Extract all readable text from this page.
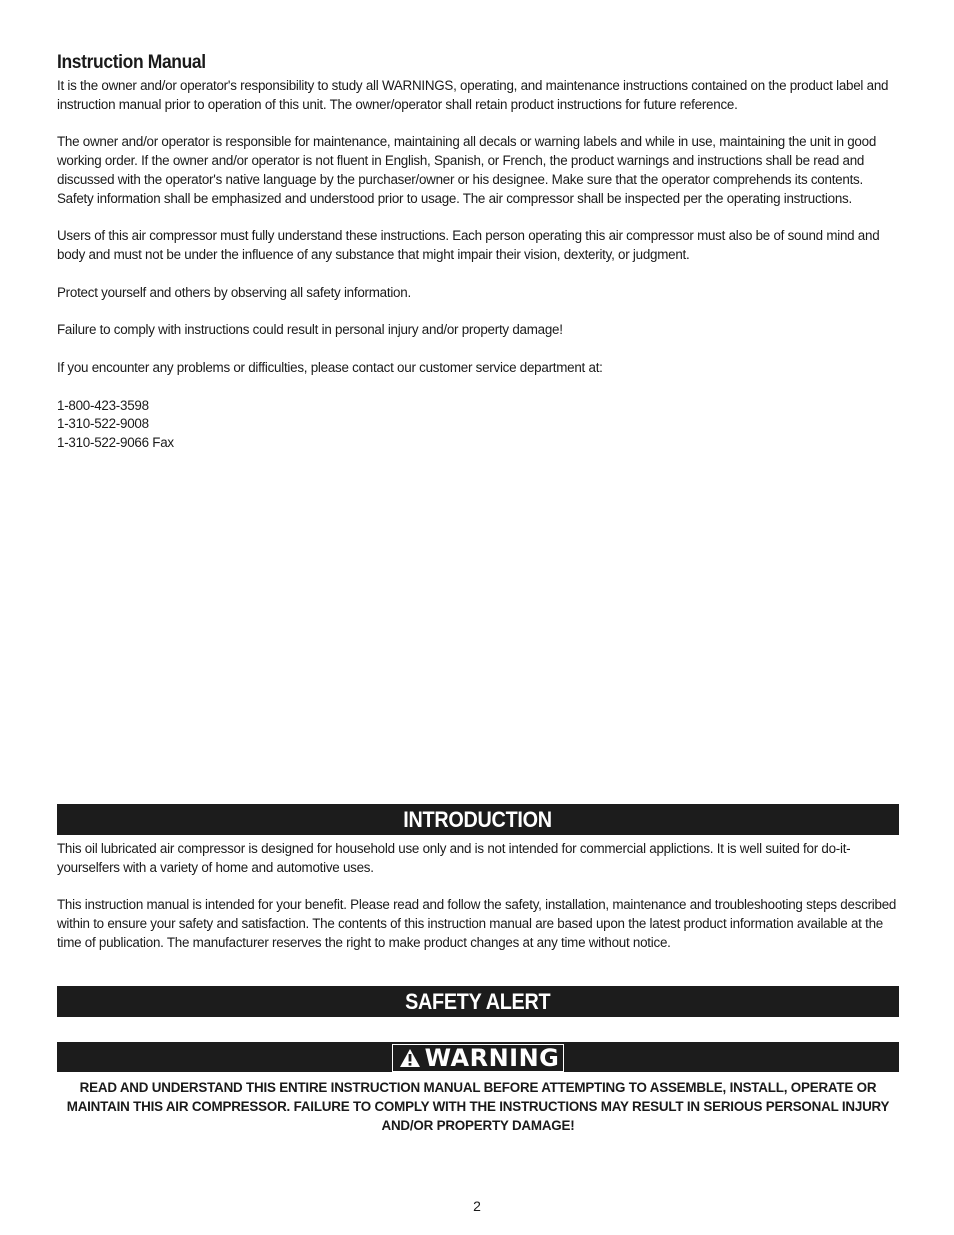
Instruction Manual

It is the owner and/or operator's responsibility to study all WARNINGS, operating, and maintenance instructions contained on the product label and instruction manual prior to operation of this unit. The owner/operator shall retain product instructions for future reference.

The owner and/or operator is responsible for maintenance, maintaining all decals or warning labels and while in use, maintaining the unit in good working order. If the owner and/or operator is not fluent in English, Spanish, or French, the product warnings and instructions shall be read and discussed with the operator's native language by the purchaser/owner or his designee. Make sure that the operator comprehends its contents. Safety information shall be emphasized and understood prior to usage. The air compressor shall be inspected per the operating instructions.

Users of this air compressor must fully understand these instructions. Each person operating this air compressor must also be of sound mind and body and must not be under the influence of any substance that might impair their vision, dexterity, or judgment.

Protect yourself and others by observing all safety information.

Failure to comply with instructions could result in personal injury and/or property damage!

If you encounter any problems or difficulties, please contact our customer service department at:

1-800-423-3598

1-310-522-9008

1-310-522-9066 Fax

INTRODUCTION

This oil lubricated air compressor is designed for household use only and is not intended for commercial applictions. It is well suited for do-it-yourselfers with a variety of home and automotive uses.

This instruction manual is intended for your benefit. Please read and follow the safety, installation, maintenance and troubleshooting steps described within to ensure your safety and satisfaction. The contents of this instruction manual are based upon the latest product information available at the time of publication. The manufacturer reserves the right to make product changes at any time without notice.

SAFETY ALERT
WARNING
READ AND UNDERSTAND THIS ENTIRE INSTRUCTION MANUAL BEFORE ATTEMPTING TO ASSEMBLE, INSTALL, OPERATE OR MAINTAIN THIS AIR COMPRESSOR. FAILURE TO COMPLY WITH THE INSTRUCTIONS MAY RESULT IN SERIOUS PERSONAL INJURY AND/OR PROPERTY DAMAGE!
2
